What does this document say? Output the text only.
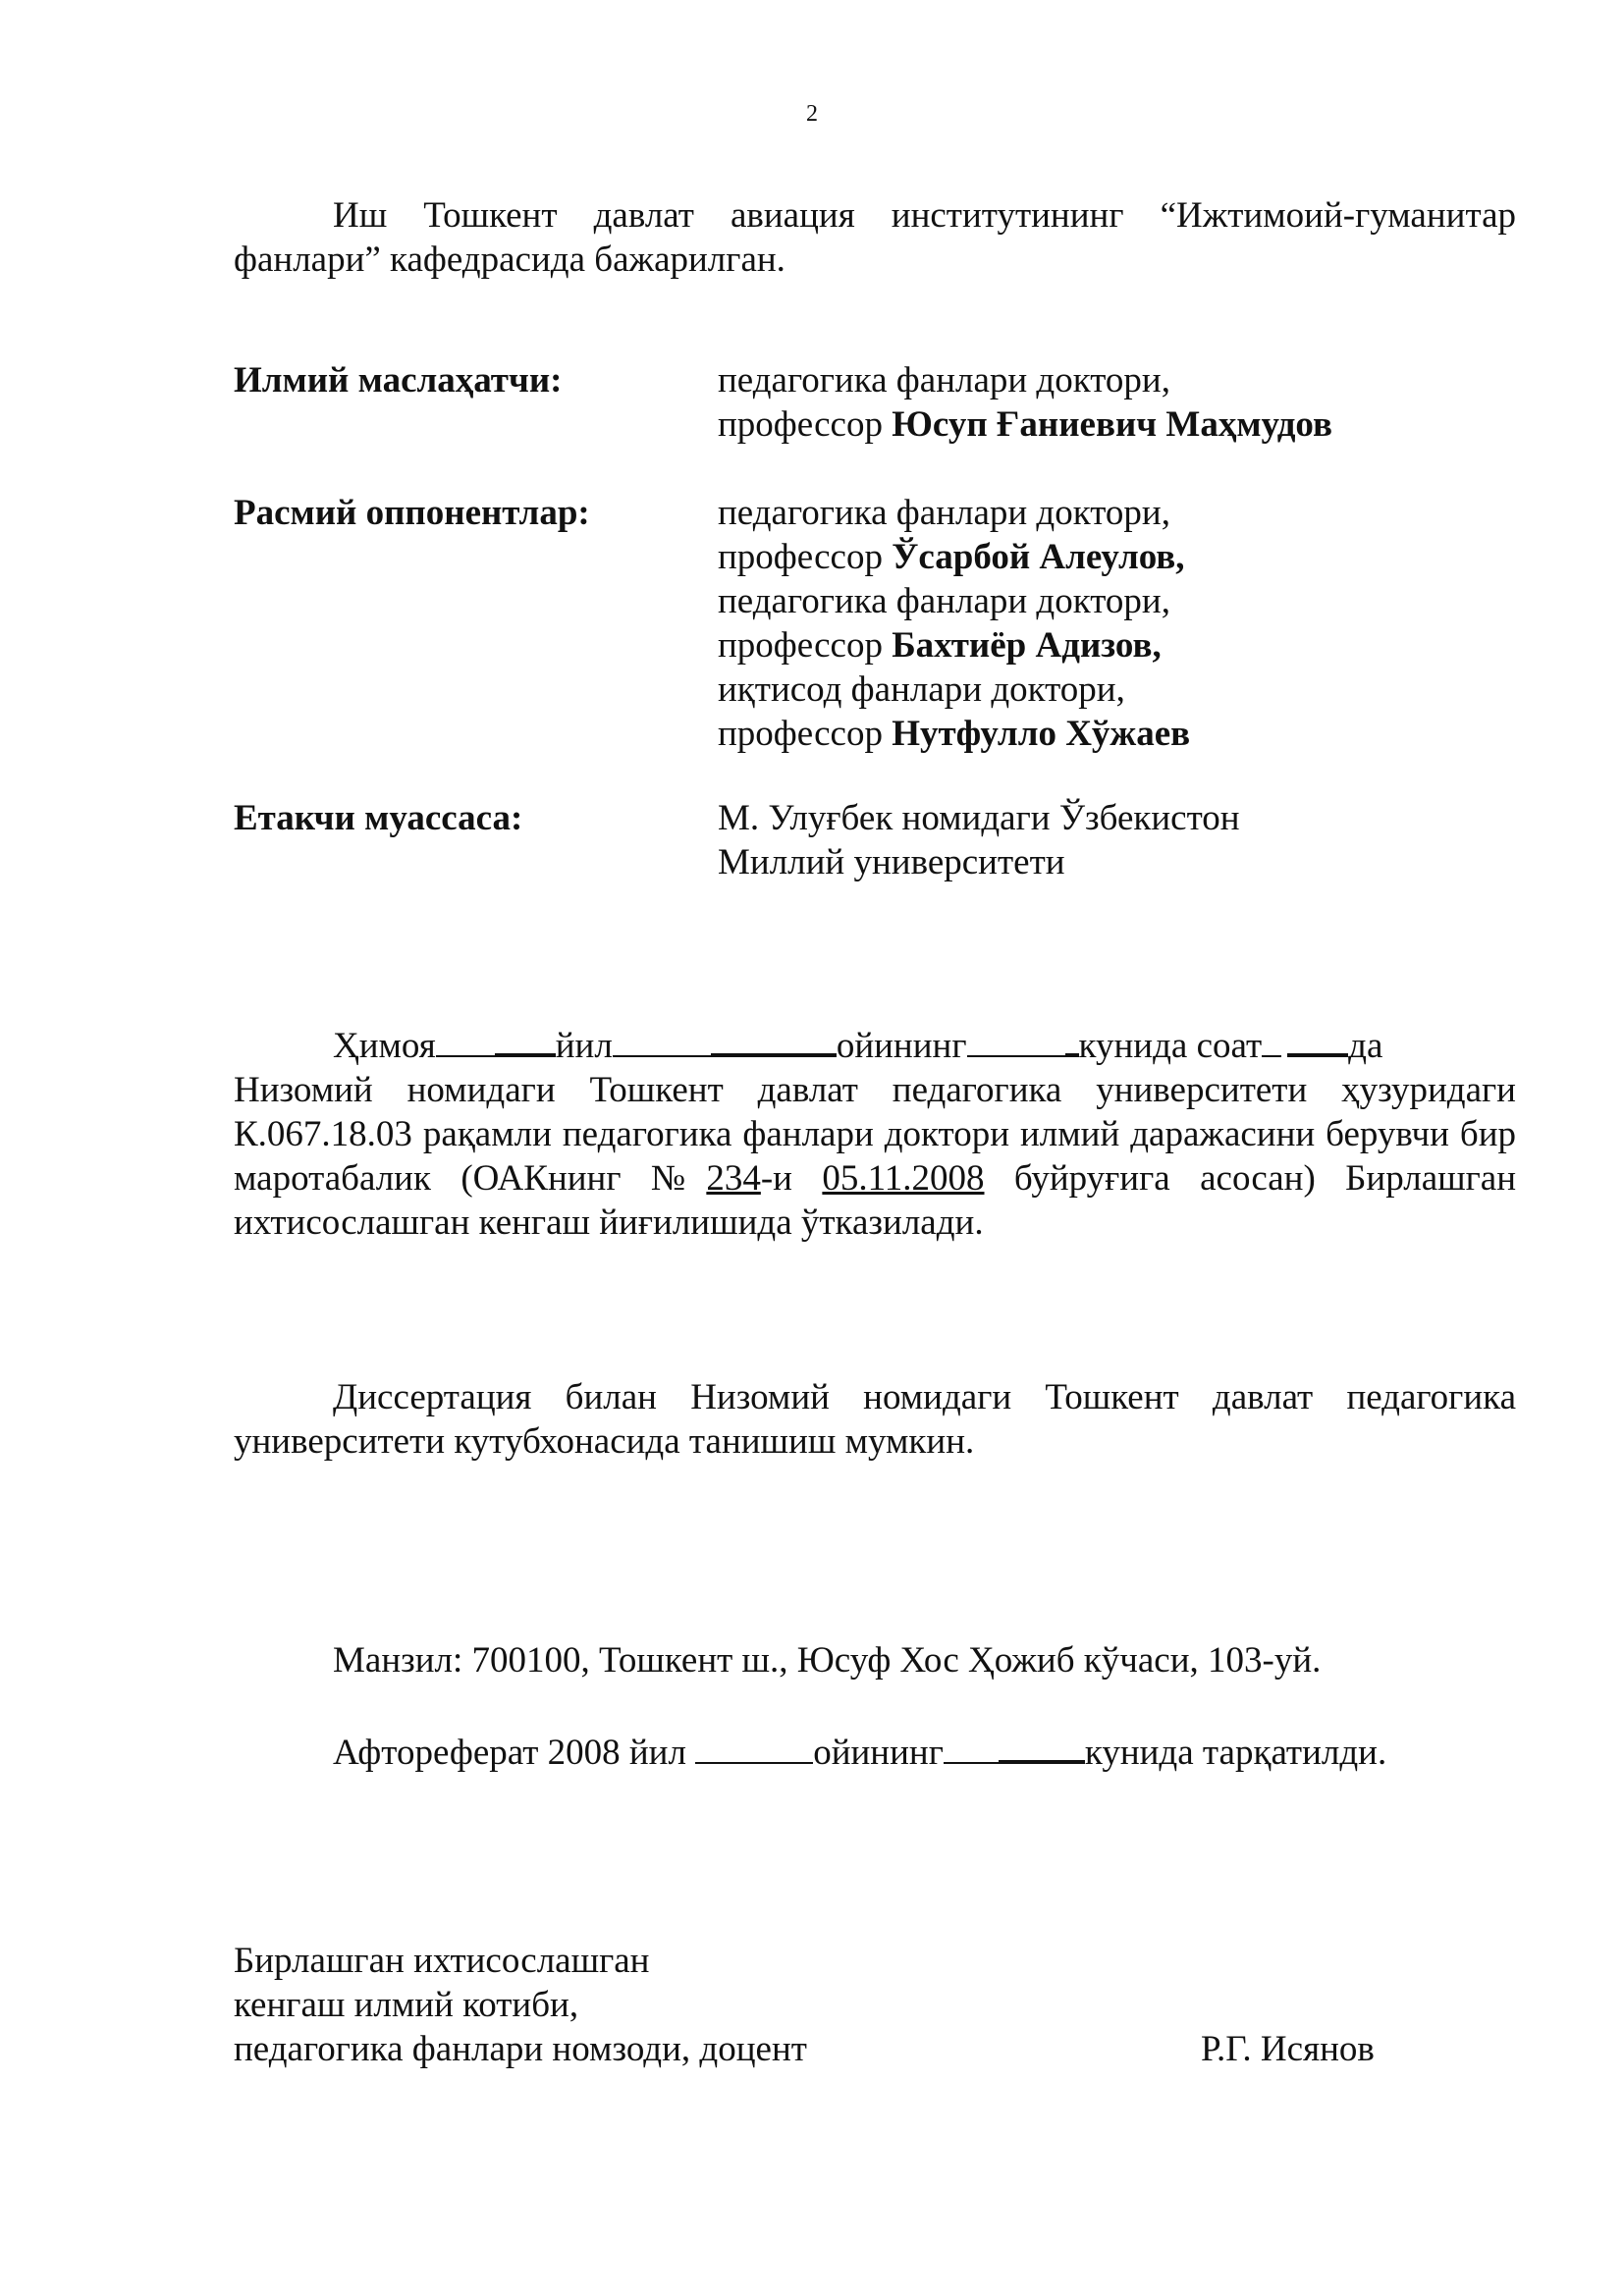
2

Иш Тошкент давлат авиация институтининг “Ижтимоий-гуманитар фанлари” кафедрасида бажарилган.

Илмий маслаҳатчи:	педагогика фанлари доктори,
профессор Юсуп Ғаниевич Маҳмудов
Расмий оппонентлар:	педагогика фанлари доктори,
профессор Ўсарбой Алеулов,
педагогика фанлари доктори,
профессор Бахтиёр Адизов,
иқтисод фанлари доктори,
профессор Нутфулло Хўжаев
Етакчи муассаса:	М. Улуғбек номидаги Ўзбекистон
Миллий университети
Ҳимоя	йил	ойининг	кунида соат да

Низомий номидаги Тошкент давлат педагогика университети ҳузуридаги К.067.18.03 рақамли педагогика фанлари доктори илмий даражасини берувчи бир маротабалик (ОАКнинг №234-и 05.11.2008 буйруғига асосан) Бирлашган ихтисослашган кенгаш йиғилишида ўтказилади.

Диссертация билан Низомий номидаги Тошкент давлат педагогика университети кутубхонасида танишиш мумкин.

Манзил: 700100, Тошкент ш., Юсуф Хос Ҳожиб кўчаси, 103-уй.
Афтореферат 2008 йил	ойининг	кунида тарқатилди.
Бирлашган ихтисослашган
кенгаш илмий котиби,
педагогика фанлари номзоди, доцент	Р.Г. Исянов
